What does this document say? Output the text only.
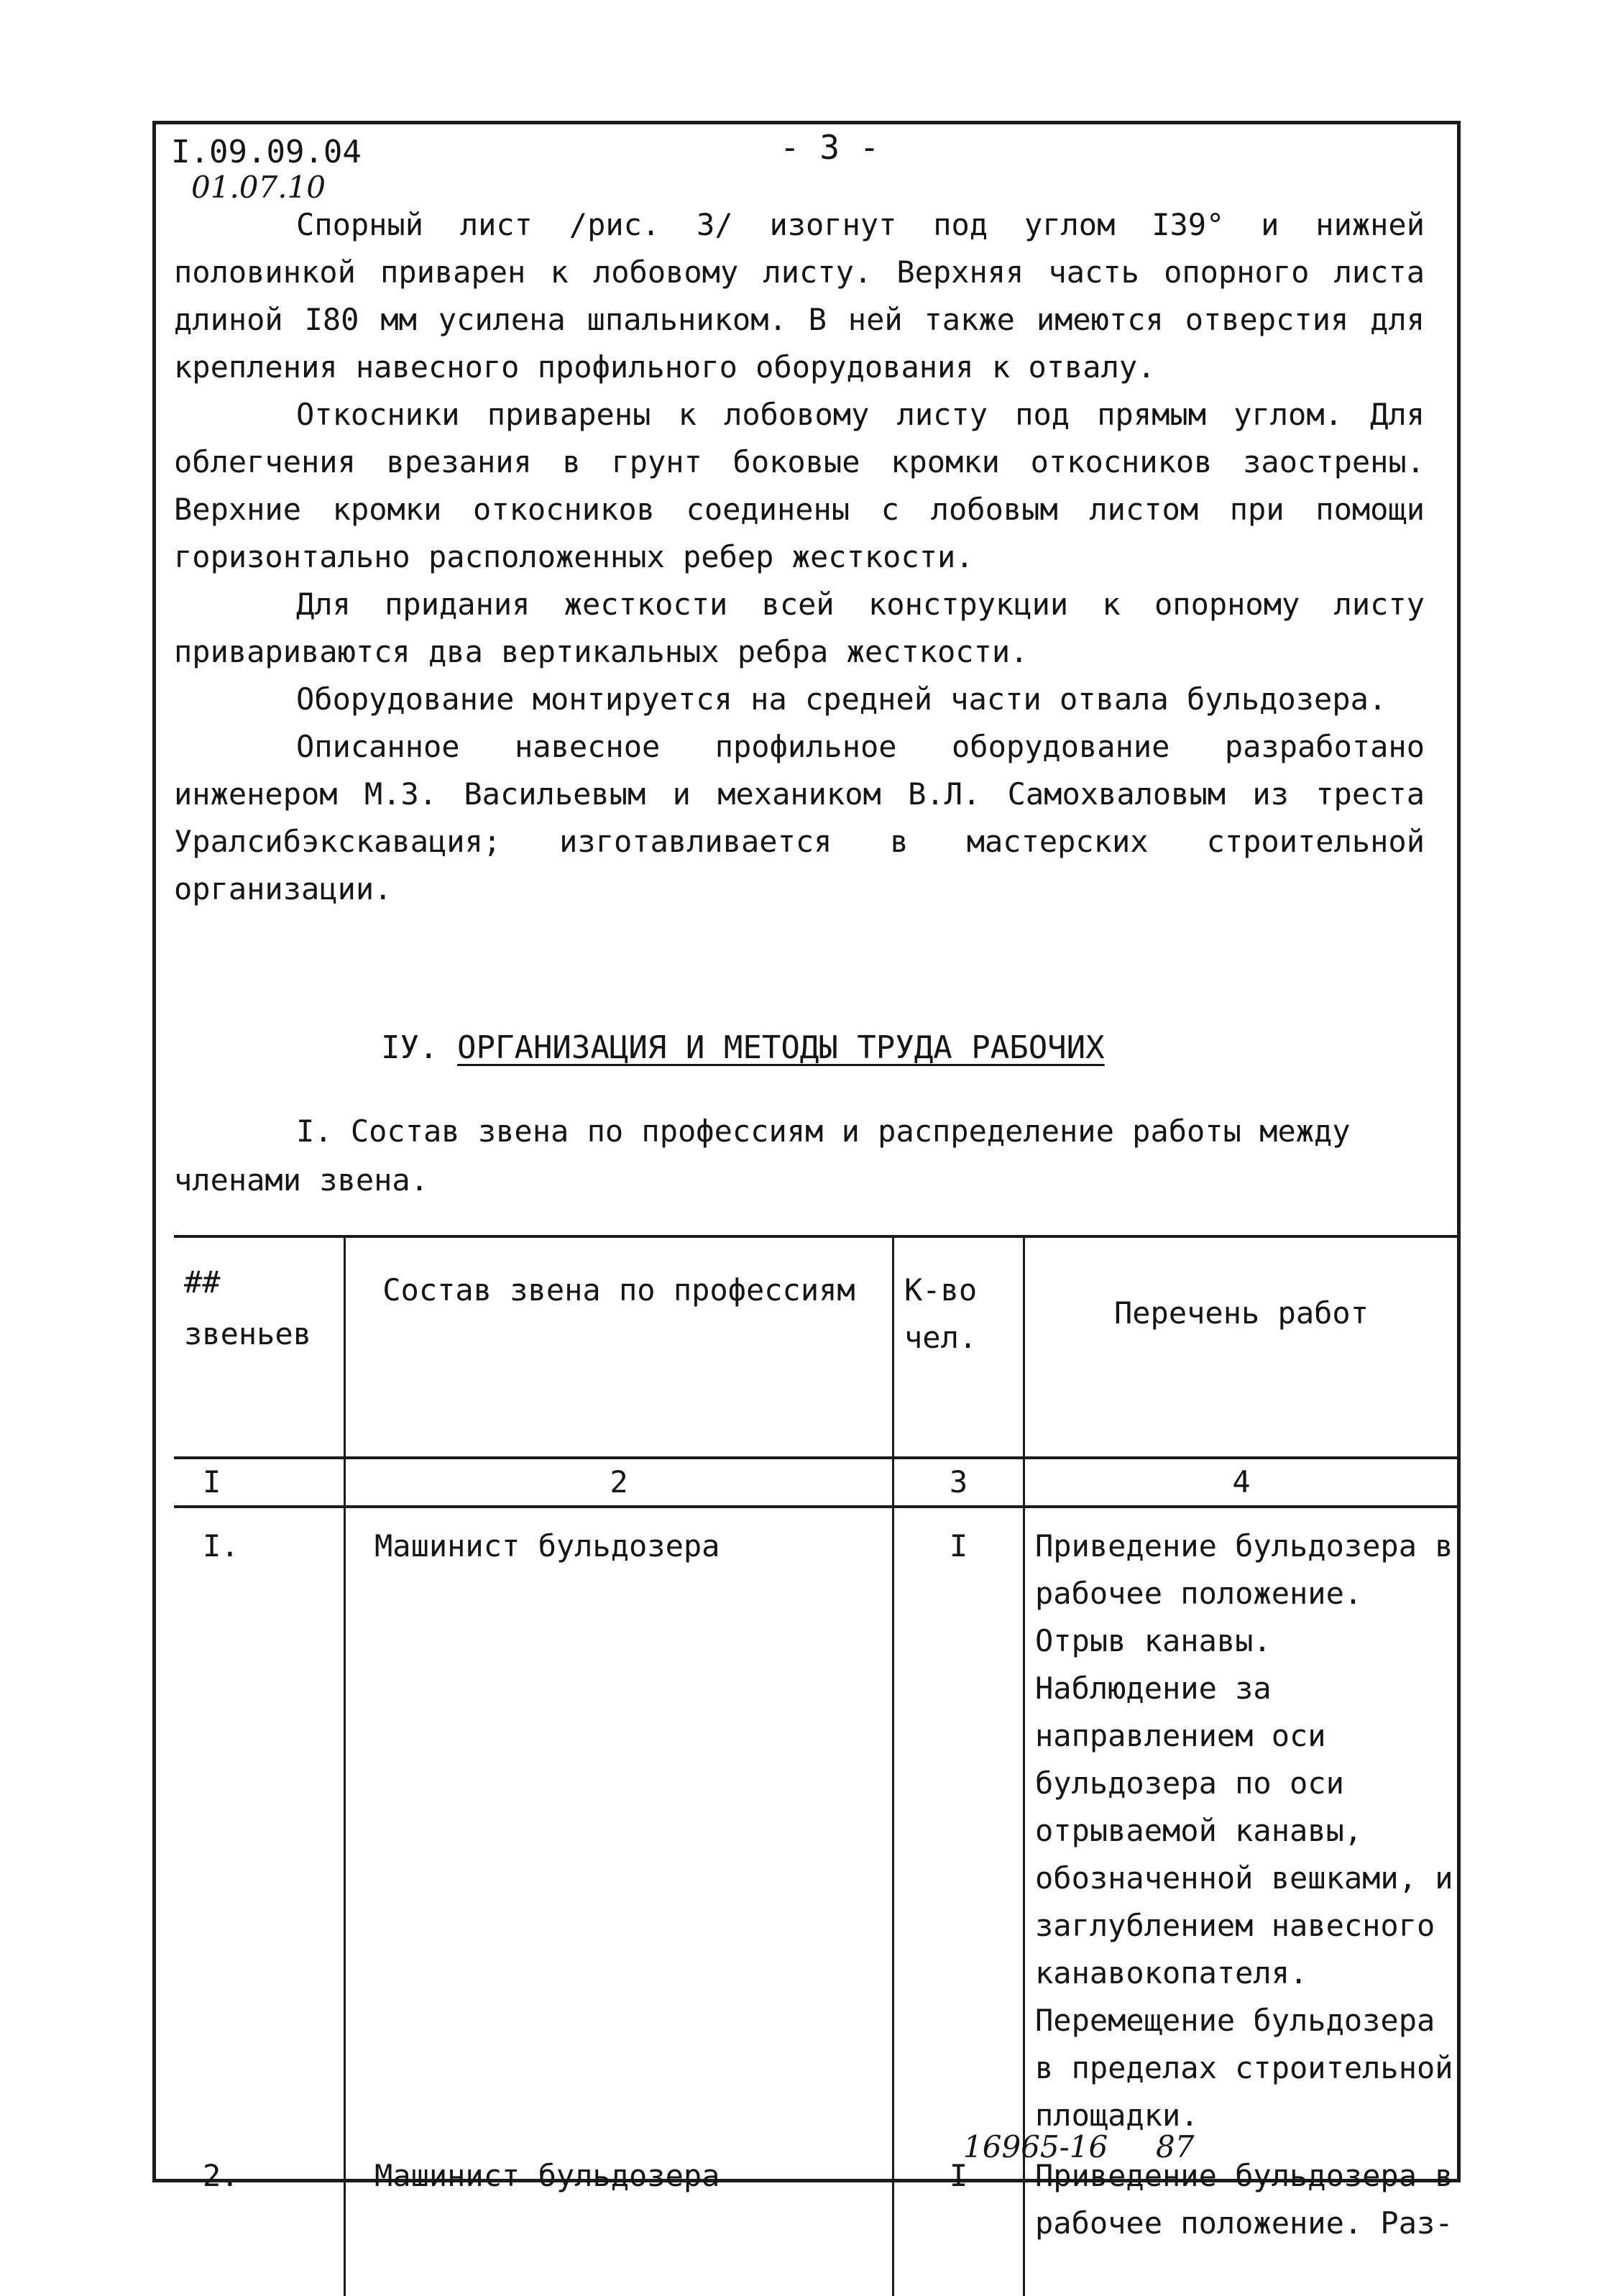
I.09.09.04
01.07.10
- 3 -

Спорный лист /рис. 3/ изогнут под углом I39° и нижней половинкой приварен к лобовому листу. Верхняя часть опорного листа длиной I80 мм усилена шпальником. В ней также имеются отверстия для крепления навесного профильного оборудования к отвалу.

Откосники приварены к лобовому листу под прямым углом. Для облегчения врезания в грунт боковые кромки откосников заострены. Верхние кромки откосников соединены с лобовым листом при помощи горизонтально расположенных ребер жесткости.

Для придания жесткости всей конструкции к опорному листу привариваются два вертикальных ребра жесткости.

Оборудование монтируется на средней части отвала бульдозера.

Описанное навесное профильное оборудование разработано инженером М.З. Васильевым и механиком В.Л. Самохваловым из треста Уралсибэкскавация; изготавливается в мастерских строительной организации.

IУ. ОРГАНИЗАЦИЯ И МЕТОДЫ ТРУДА РАБОЧИХ

I. Состав звена по профессиям и распределение работы между членами звена.

## звеньев	Состав звена по профессиям	К-во чел.	Перечень работ
I	2	3	4
I.	Машинист бульдозера	I	Приведение бульдозера в рабочее положение. Отрыв канавы. Наблюдение за направлением оси бульдозера по оси отрываемой канавы, обозначенной вешками, и заглублением навесного канавокопателя. Перемещение бульдозера в пределах строительной площадки.
2.	Машинист бульдозера	I	Приведение бульдозера в рабочее положение. Раз-
16965-16 87
